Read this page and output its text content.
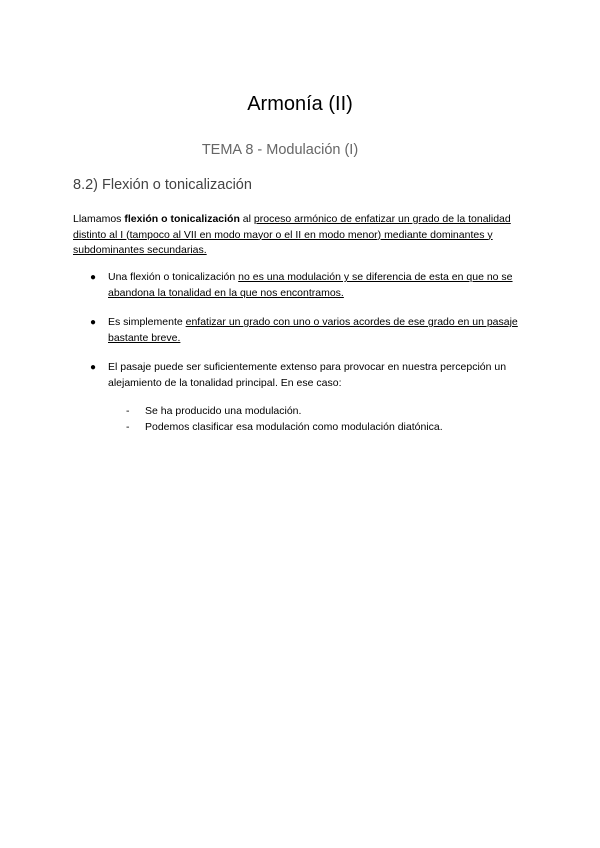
Armonía (II)
TEMA 8 - Modulación (I)
8.2) Flexión o tonicalización
Llamamos flexión o tonicalización al proceso armónico de enfatizar un grado de la tonalidad distinto al I (tampoco al VII en modo mayor o el II en modo menor) mediante dominantes y subdominantes secundarias.
● Una flexión o tonicalización no es una modulación y se diferencia de esta en que no se abandona la tonalidad en la que nos encontramos.
● Es simplemente enfatizar un grado con uno o varios acordes de ese grado en un pasaje bastante breve.
● El pasaje puede ser suficientemente extenso para provocar en nuestra percepción un alejamiento de la tonalidad principal. En ese caso:
- Se ha producido una modulación.
- Podemos clasificar esa modulación como modulación diatónica.
